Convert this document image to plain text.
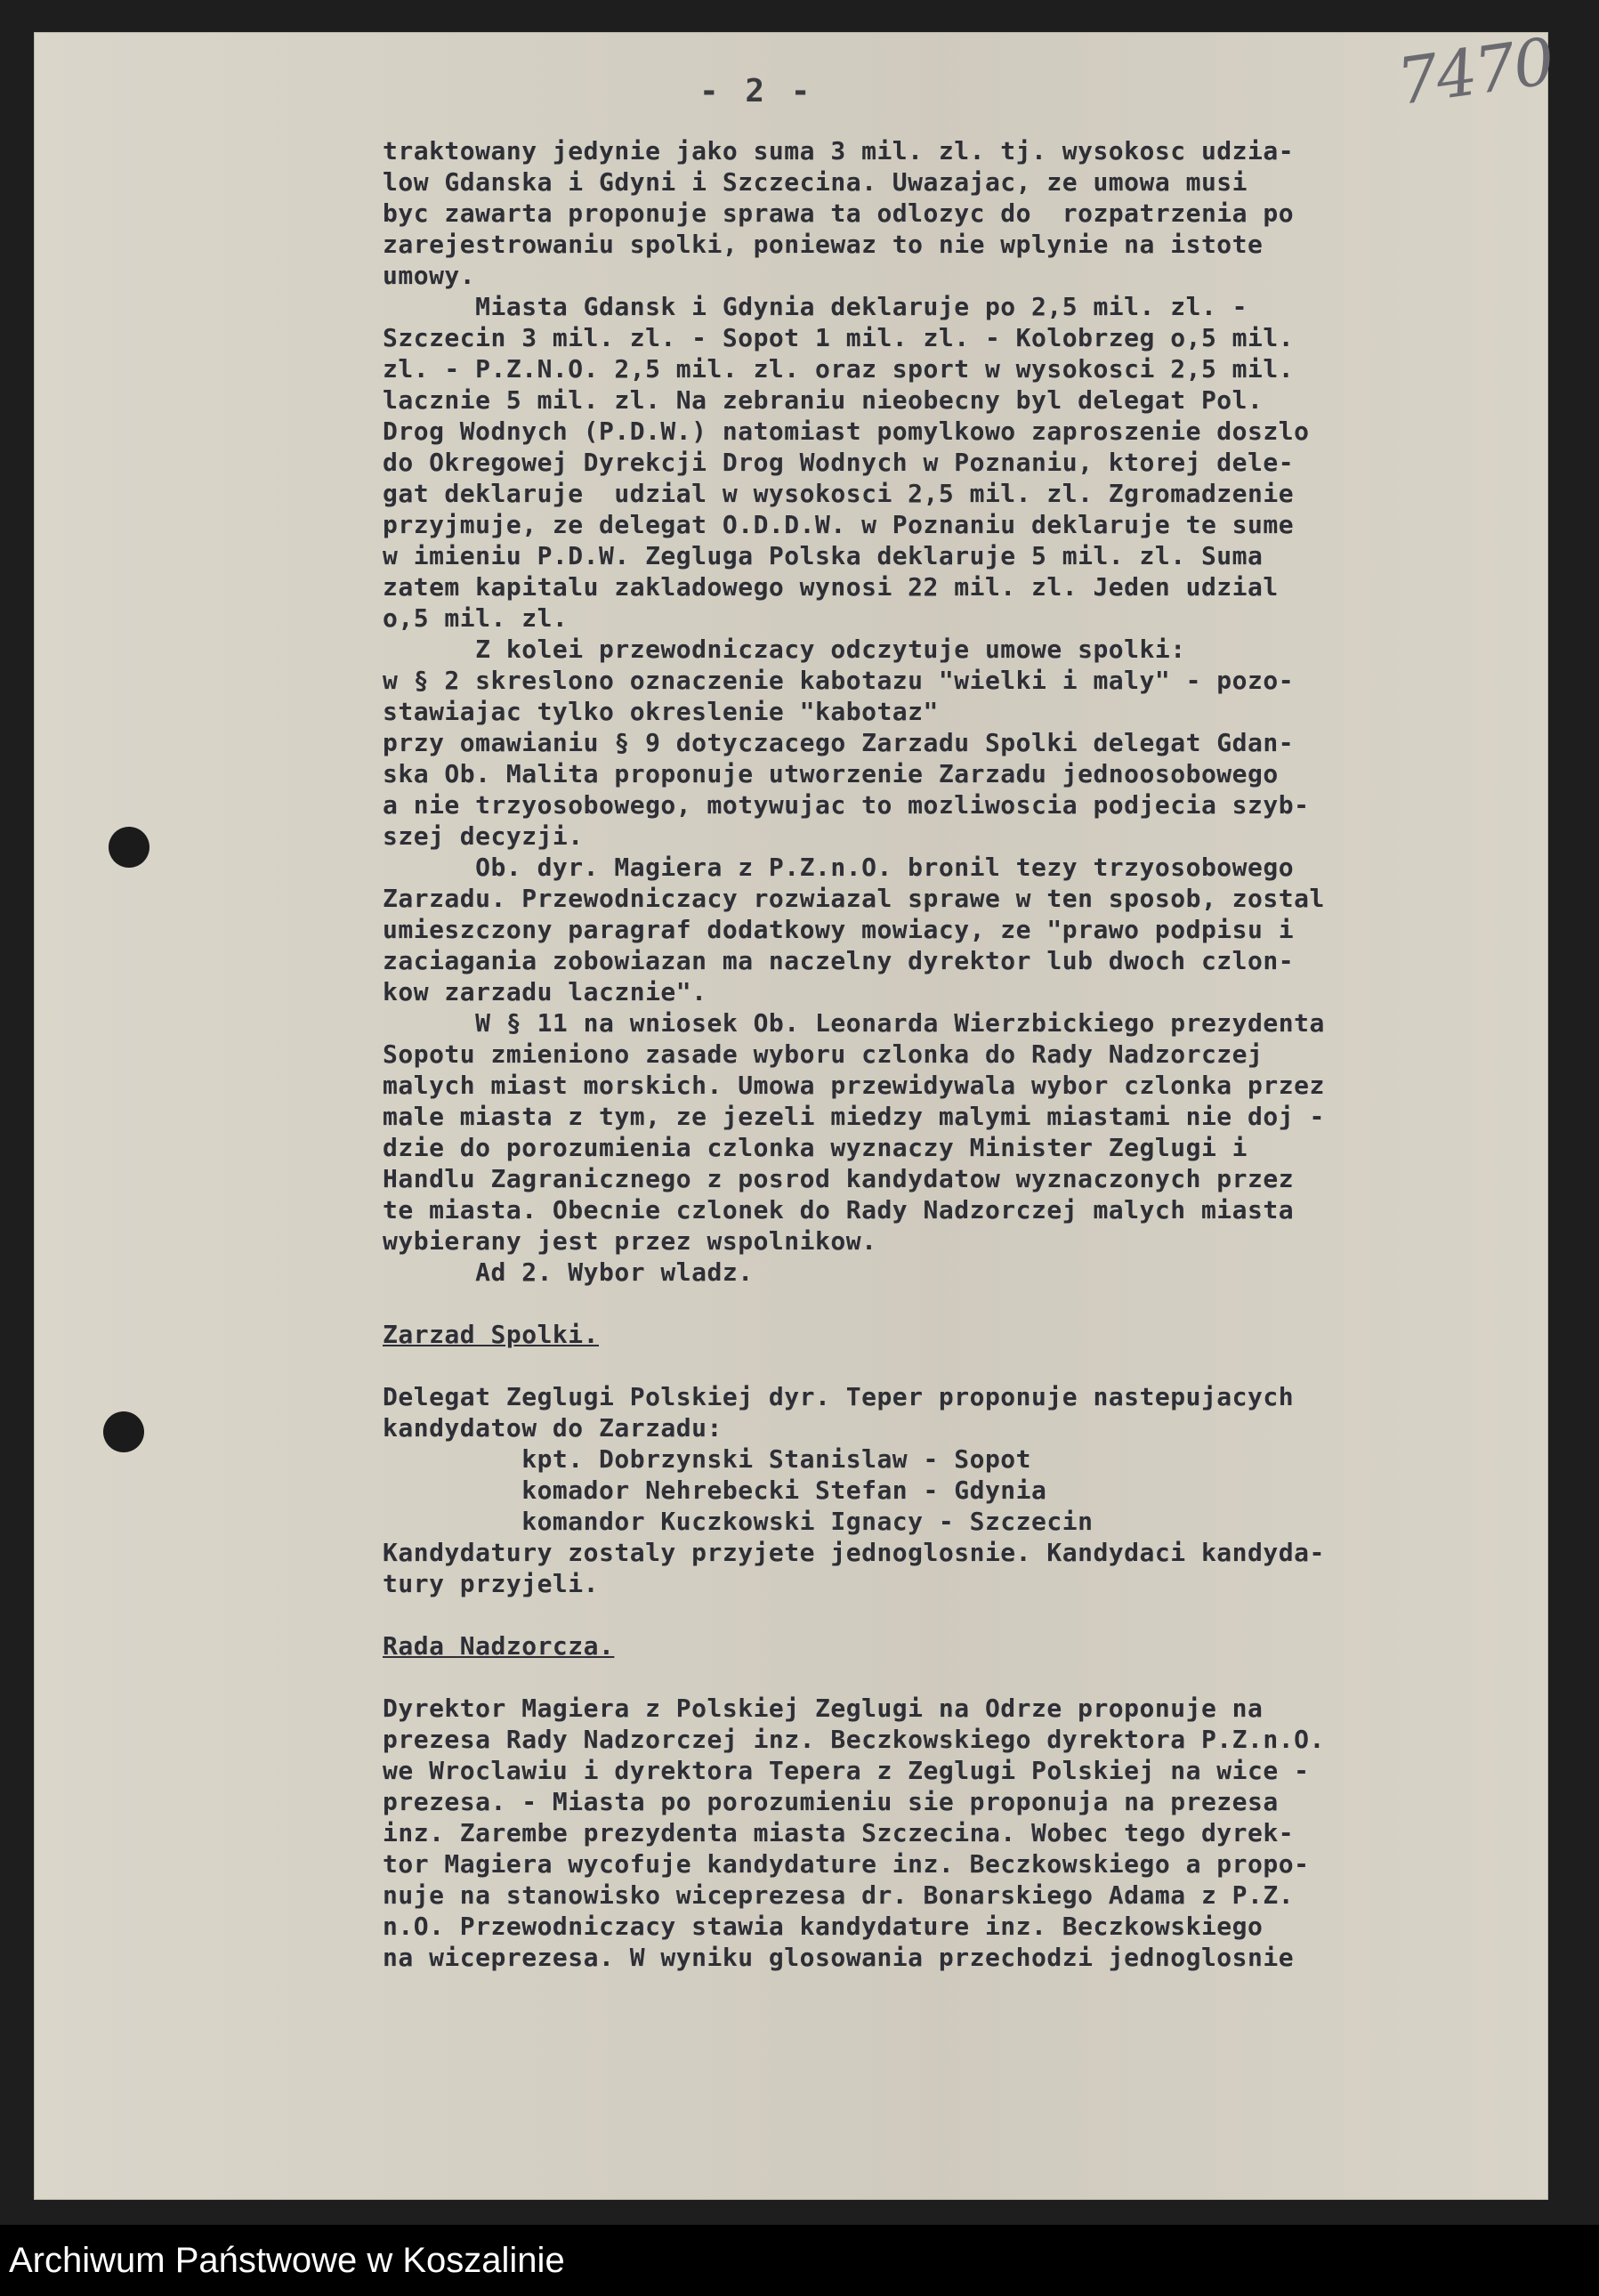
- 2 -	7470
traktowany jedynie jako suma 3 mil. zl. tj. wysokosc udzia-
low Gdanska i Gdyni i Szczecina. Uwazajac, ze umowa musi
byc zawarta proponuje sprawa ta odlozyc do  rozpatrzenia po
zarejestrowaniu spolki, poniewaz to nie wplynie na istote
umowy.
Miasta Gdansk i Gdynia deklaruje po 2,5 mil. zl. -
Szczecin 3 mil. zl. - Sopot 1 mil. zl. - Kolobrzeg o,5 mil.
zl. - P.Z.N.O. 2,5 mil. zl. oraz sport w wysokosci 2,5 mil.
lacznie 5 mil. zl. Na zebraniu nieobecny byl delegat Pol.
Drog Wodnych (P.D.W.) natomiast pomylkowo zaproszenie doszlo
do Okregowej Dyrekcji Drog Wodnych w Poznaniu, ktorej dele-
gat deklaruje  udzial w wysokosci 2,5 mil. zl. Zgromadzenie
przyjmuje, ze delegat O.D.D.W. w Poznaniu deklaruje te sume
w imieniu P.D.W. Zegluga Polska deklaruje 5 mil. zl. Suma
zatem kapitalu zakladowego wynosi 22 mil. zl. Jeden udzial
o,5 mil. zl.
Z kolei przewodniczacy odczytuje umowe spolki:
w § 2 skreslono oznaczenie kabotazu "wielki i maly" - pozo-
stawiajac tylko okreslenie "kabotaz"
przy omawianiu § 9 dotyczacego Zarzadu Spolki delegat Gdan-
ska Ob. Malita proponuje utworzenie Zarzadu jednoosobowego
a nie trzyosobowego, motywujac to mozliwoscia podjecia szyb-
szej decyzji.
Ob. dyr. Magiera z P.Z.n.O. bronil tezy trzyosobowego
Zarzadu. Przewodniczacy rozwiazal sprawe w ten sposob, zostal
umieszczony paragraf dodatkowy mowiacy, ze "prawo podpisu i
zaciagania zobowiazan ma naczelny dyrektor lub dwoch czlon-
kow zarzadu lacznie".
W § 11 na wniosek Ob. Leonarda Wierzbickiego prezydenta
Sopotu zmieniono zasade wyboru czlonka do Rady Nadzorczej
malych miast morskich. Umowa przewidywala wybor czlonka przez
male miasta z tym, ze jezeli miedzy malymi miastami nie doj -
dzie do porozumienia czlonka wyznaczy Minister Zeglugi i
Handlu Zagranicznego z posrod kandydatow wyznaczonych przez
te miasta. Obecnie czlonek do Rady Nadzorczej malych miasta
wybierany jest przez wspolnikow.
Ad 2. Wybor wladz.
Zarzad Spolki.
Delegat Zeglugi Polskiej dyr. Teper proponuje nastepujacych
kandydatow do Zarzadu:
kpt. Dobrzynski Stanislaw - Sopot
komador Nehrebecki Stefan - Gdynia
komandor Kuczkowski Ignacy - Szczecin
Kandydatury zostaly przyjete jednoglosnie. Kandydaci kandyda-
tury przyjeli.
Rada Nadzorcza.
Dyrektor Magiera z Polskiej Zeglugi na Odrze proponuje na
prezesa Rady Nadzorczej inz. Beczkowskiego dyrektora P.Z.n.O.
we Wroclawiu i dyrektora Tepera z Zeglugi Polskiej na wice -
prezesa. - Miasta po porozumieniu sie proponuja na prezesa
inz. Zarembe prezydenta miasta Szczecina. Wobec tego dyrek-
tor Magiera wycofuje kandydature inz. Beczkowskiego a propo-
nuje na stanowisko wiceprezesa dr. Bonarskiego Adama z P.Z.
n.O. Przewodniczacy stawia kandydature inz. Beczkowskiego
na wiceprezesa. W wyniku glosowania przechodzi jednoglosnie
Archiwum Państwowe w Koszalinie
